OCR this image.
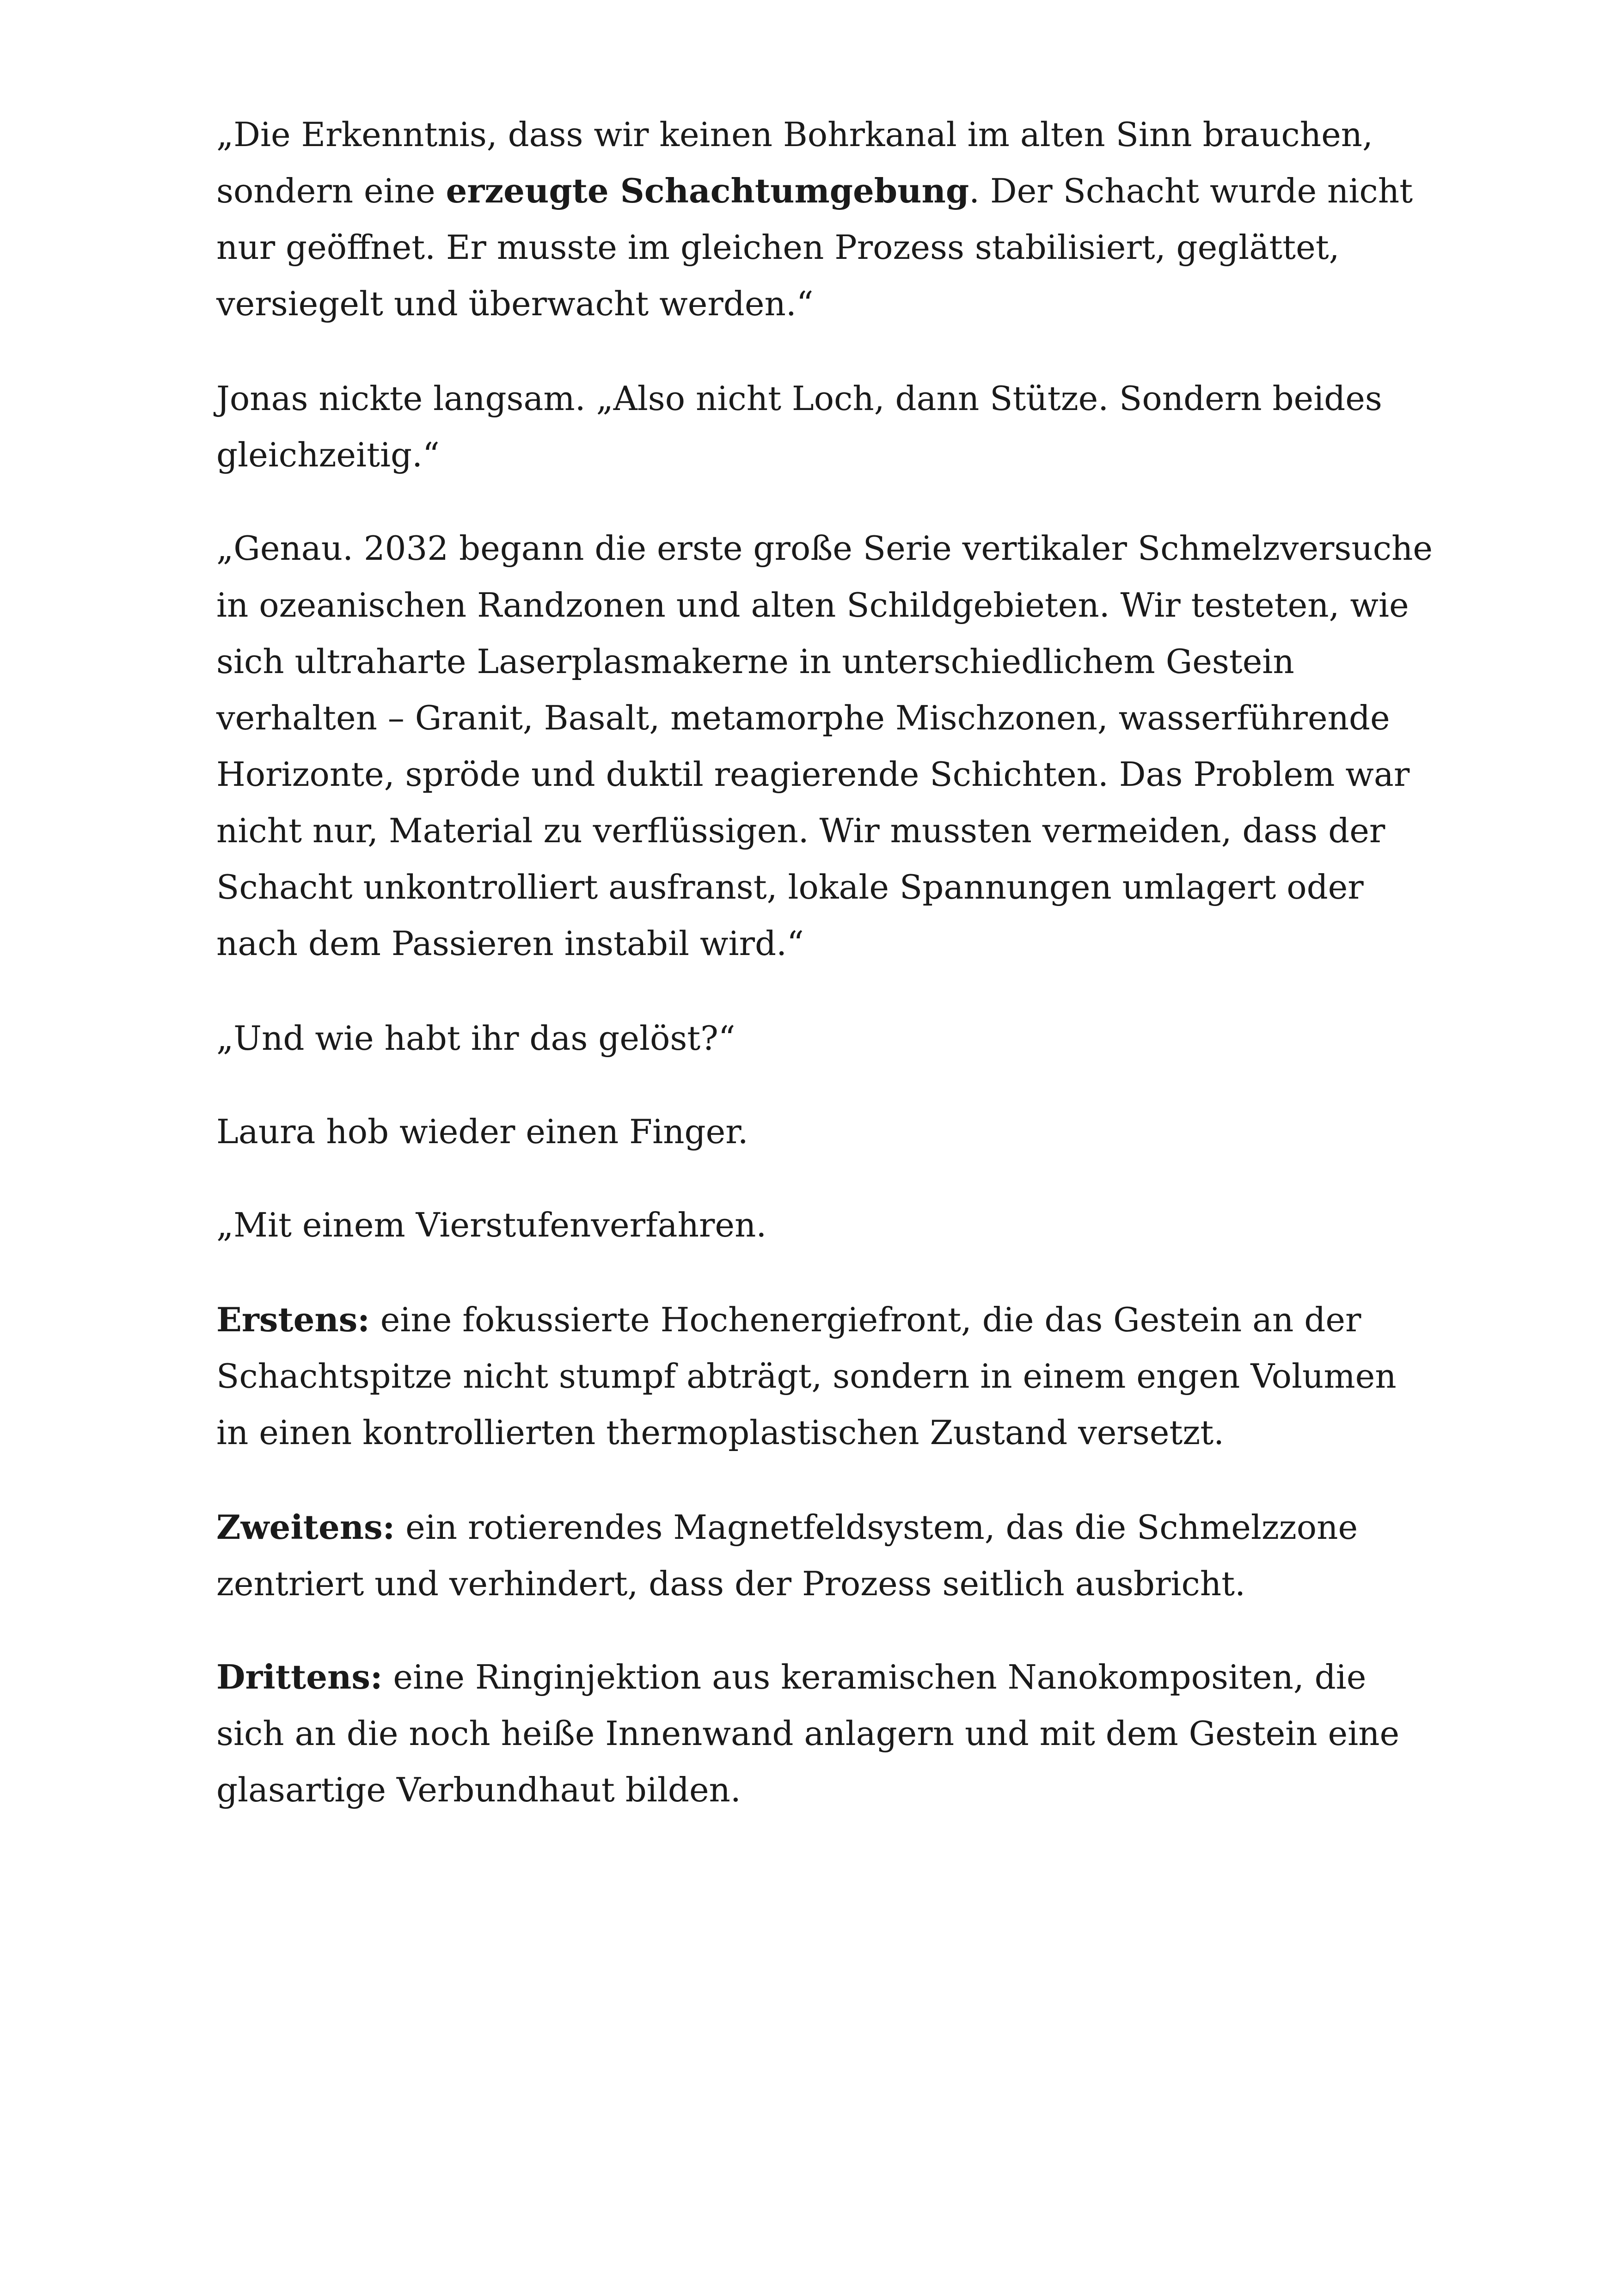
„Die Erkenntnis, dass wir keinen Bohrkanal im alten Sinn brauchen,
sondern eine erzeugte Schachtumgebung. Der Schacht wurde nicht
nur geöffnet. Er musste im gleichen Prozess stabilisiert, geglättet,
versiegelt und überwacht werden.“
Jonas nickte langsam. „Also nicht Loch, dann Stütze. Sondern beides
gleichzeitig.“
„Genau. 2032 begann die erste große Serie vertikaler Schmelzversuche
in ozeanischen Randzonen und alten Schildgebieten. Wir testeten, wie
sich ultraharte Laserplasmakerne in unterschiedlichem Gestein
verhalten – Granit, Basalt, metamorphe Mischzonen, wasserführende
Horizonte, spröde und duktil reagierende Schichten. Das Problem war
nicht nur, Material zu verflüssigen. Wir mussten vermeiden, dass der
Schacht unkontrolliert ausfranst, lokale Spannungen umlagert oder
nach dem Passieren instabil wird.“
„Und wie habt ihr das gelöst?“
Laura hob wieder einen Finger.
„Mit einem Vierstufenverfahren.
Erstens: eine fokussierte Hochenergiefront, die das Gestein an der
Schachtspitze nicht stumpf abträgt, sondern in einem engen Volumen
in einen kontrollierten thermoplastischen Zustand versetzt.
Zweitens: ein rotierendes Magnetfeldsystem, das die Schmelzzone
zentriert und verhindert, dass der Prozess seitlich ausbricht.
Drittens: eine Ringinjektion aus keramischen Nanokompositen, die
sich an die noch heiße Innenwand anlagern und mit dem Gestein eine
glasartige Verbundhaut bilden.
